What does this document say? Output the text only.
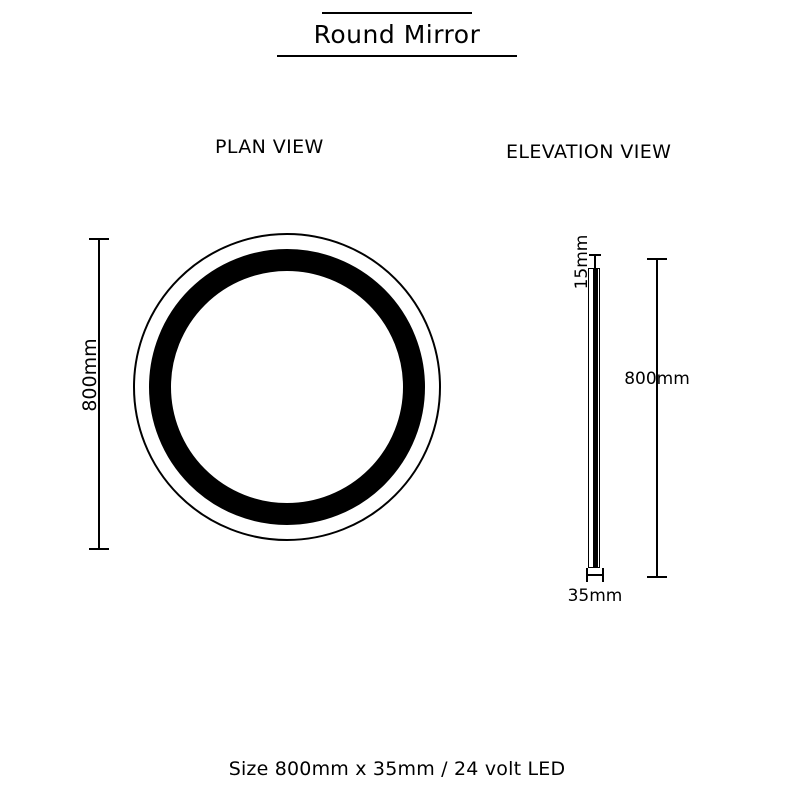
Round Mirror
PLAN VIEW	ELEVATION VIEW
800mm
15mm
35mm
800mm
Size 800mm x 35mm / 24 volt LED
